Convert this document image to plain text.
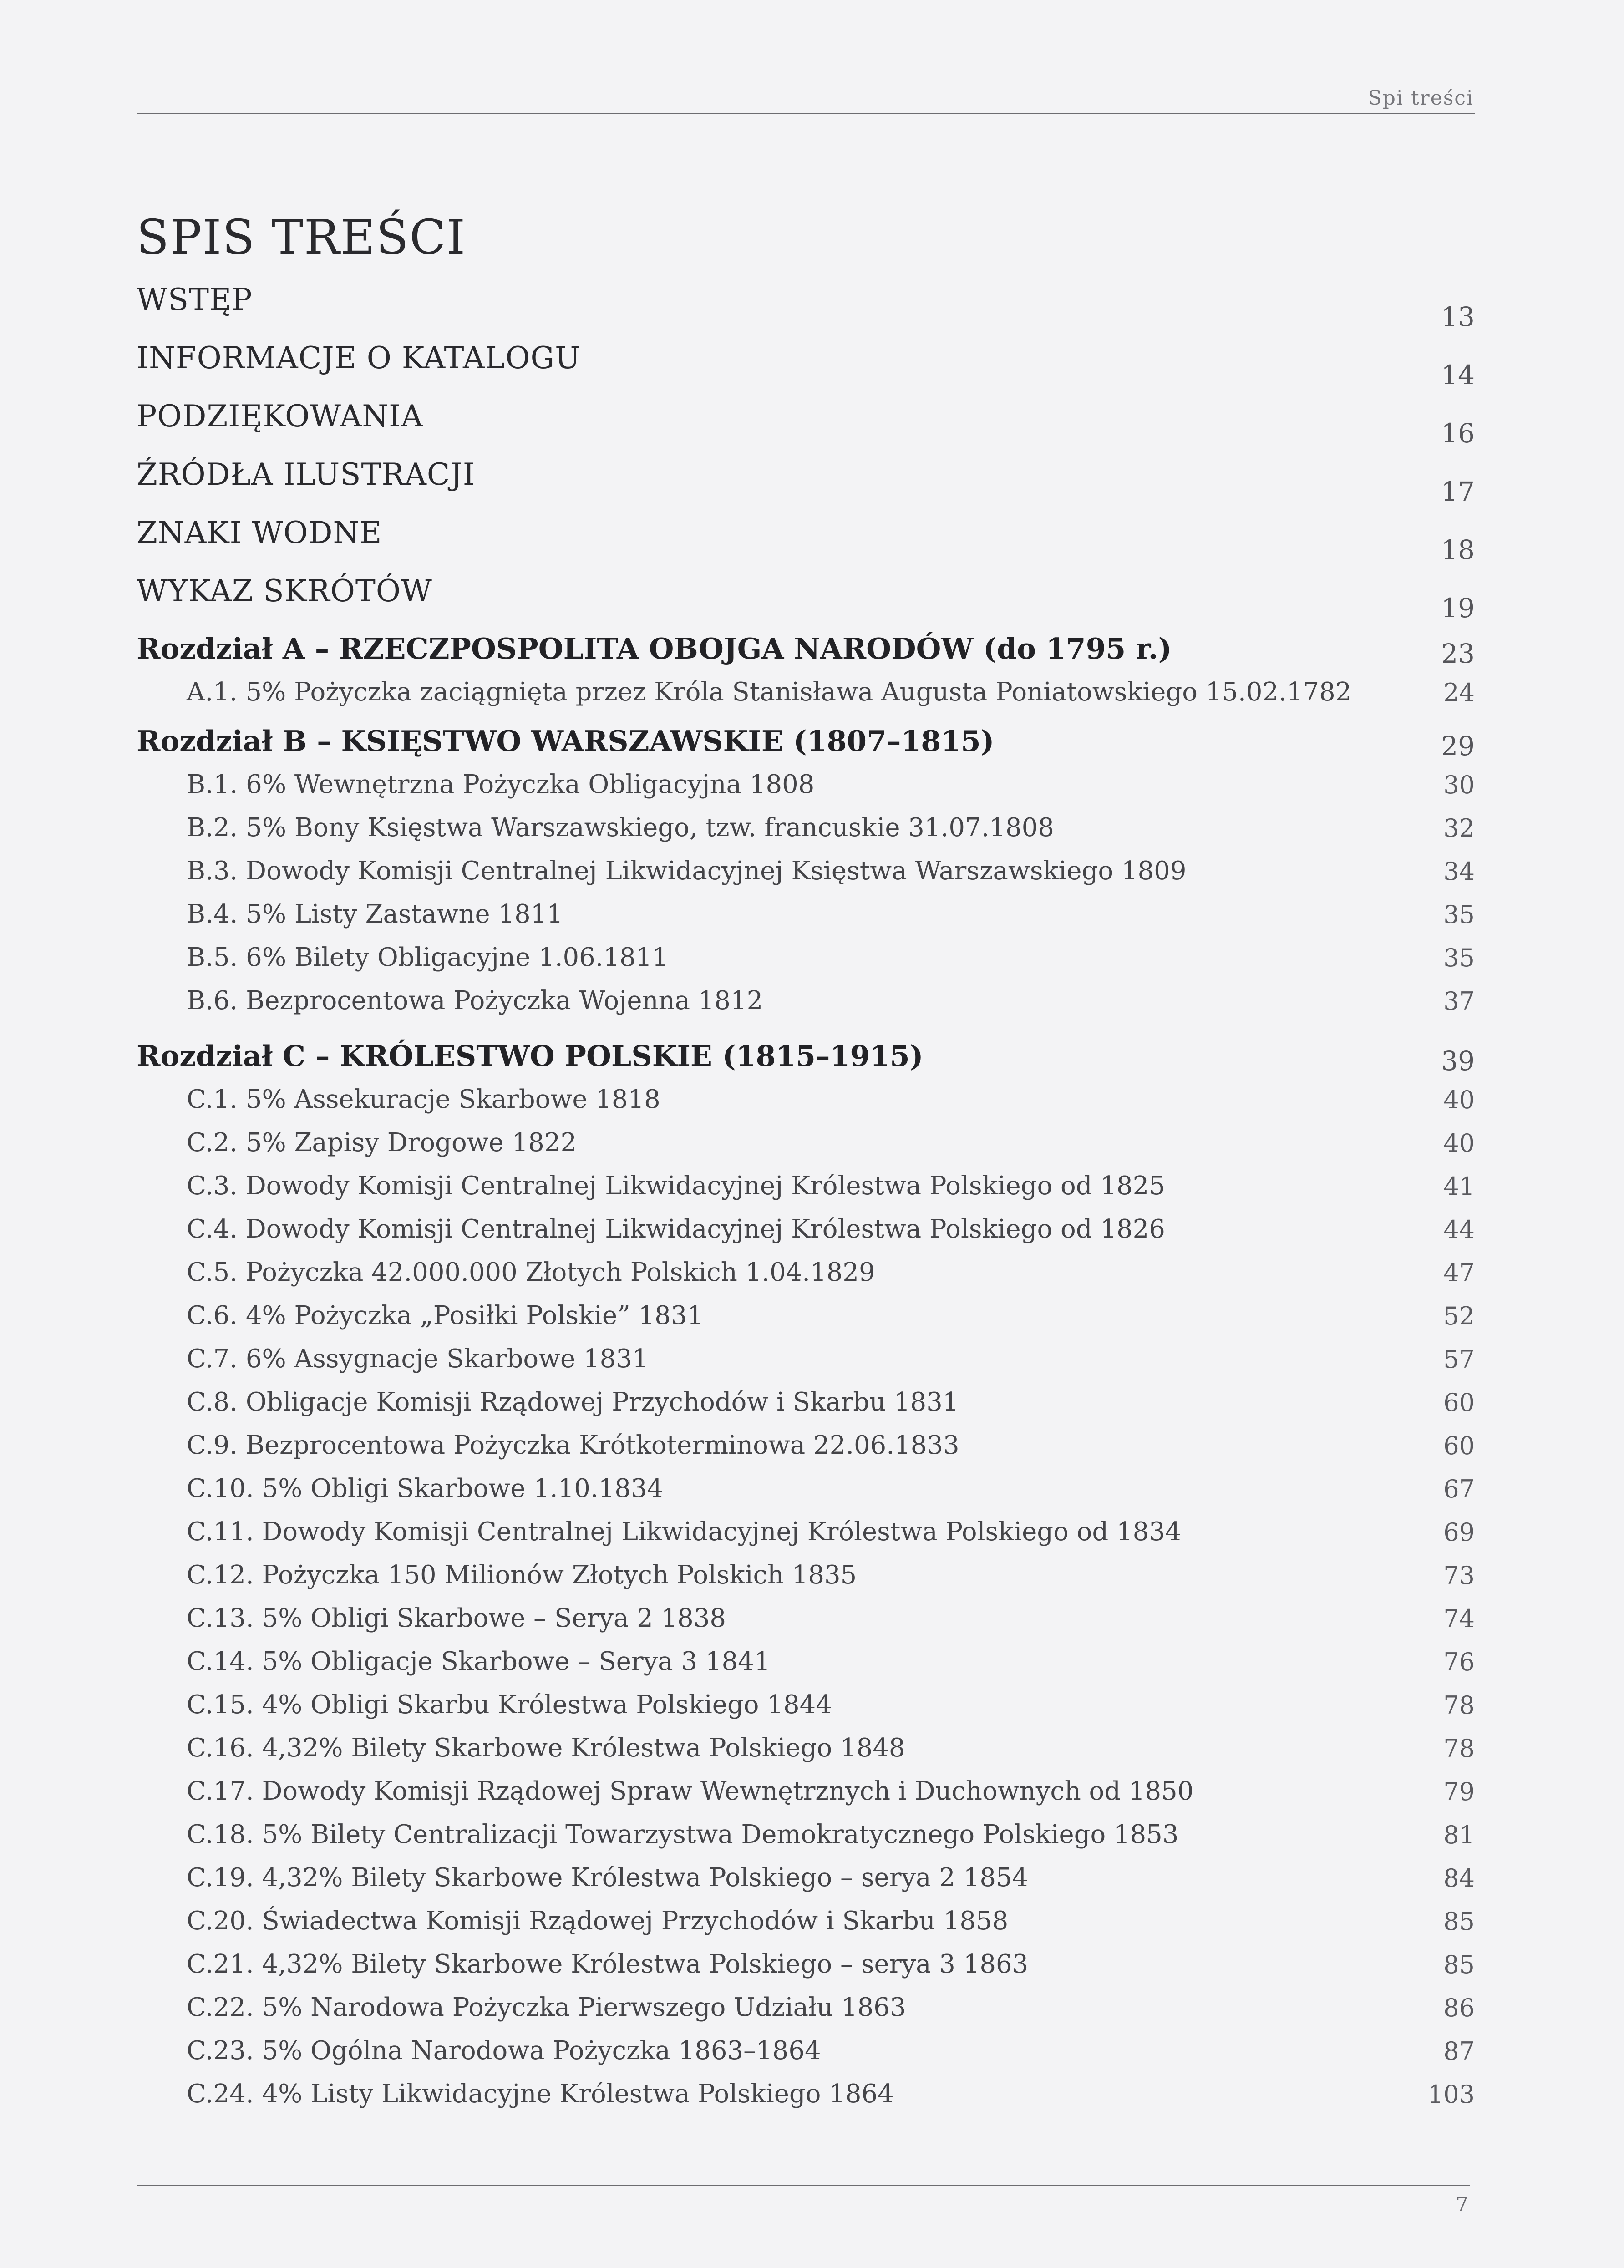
Spi treści
SPIS TREŚCI
WSTĘP	13
INFORMACJE O KATALOGU	14
PODZIĘKOWANIA	16
ŹRÓDŁA ILUSTRACJI	17
ZNAKI WODNE	18
WYKAZ SKRÓTÓW	19
Rozdział A – RZECZPOSPOLITA OBOJGA NARODÓW (do 1795 r.)	23
A.1. 5% Pożyczka zaciągnięta przez Króla Stanisława Augusta Poniatowskiego 15.02.1782	24
Rozdział B – KSIĘSTWO WARSZAWSKIE (1807–1815)	29
B.1. 6% Wewnętrzna Pożyczka Obligacyjna 1808	30
B.2. 5% Bony Księstwa Warszawskiego, tzw. francuskie 31.07.1808	32
B.3. Dowody Komisji Centralnej Likwidacyjnej Księstwa Warszawskiego 1809	34
B.4. 5% Listy Zastawne 1811	35
B.5. 6% Bilety Obligacyjne 1.06.1811	35
B.6. Bezprocentowa Pożyczka Wojenna 1812	37
Rozdział C – KRÓLESTWO POLSKIE (1815–1915)	39
C.1. 5% Assekuracje Skarbowe 1818	40
C.2. 5% Zapisy Drogowe 1822	40
C.3. Dowody Komisji Centralnej Likwidacyjnej Królestwa Polskiego od 1825	41
C.4. Dowody Komisji Centralnej Likwidacyjnej Królestwa Polskiego od 1826	44
C.5. Pożyczka 42.000.000 Złotych Polskich 1.04.1829	47
C.6. 4% Pożyczka „Posiłki Polskie” 1831	52
C.7. 6% Assygnacje Skarbowe 1831	57
C.8. Obligacje Komisji Rządowej Przychodów i Skarbu 1831	60
C.9. Bezprocentowa Pożyczka Krótkoterminowa 22.06.1833	60
C.10. 5% Obligi Skarbowe 1.10.1834	67
C.11. Dowody Komisji Centralnej Likwidacyjnej Królestwa Polskiego od 1834	69
C.12. Pożyczka 150 Milionów Złotych Polskich 1835	73
C.13. 5% Obligi Skarbowe – Serya 2 1838	74
C.14. 5% Obligacje Skarbowe – Serya 3 1841	76
C.15. 4% Obligi Skarbu Królestwa Polskiego 1844	78
C.16. 4,32% Bilety Skarbowe Królestwa Polskiego 1848	78
C.17. Dowody Komisji Rządowej Spraw Wewnętrznych i Duchownych od 1850	79
C.18. 5% Bilety Centralizacji Towarzystwa Demokratycznego Polskiego 1853	81
C.19. 4,32% Bilety Skarbowe Królestwa Polskiego – serya 2 1854	84
C.20. Świadectwa Komisji Rządowej Przychodów i Skarbu 1858	85
C.21. 4,32% Bilety Skarbowe Królestwa Polskiego – serya 3 1863	85
C.22. 5% Narodowa Pożyczka Pierwszego Udziału 1863	86
C.23. 5% Ogólna Narodowa Pożyczka 1863–1864	87
C.24. 4% Listy Likwidacyjne Królestwa Polskiego 1864	103
7
